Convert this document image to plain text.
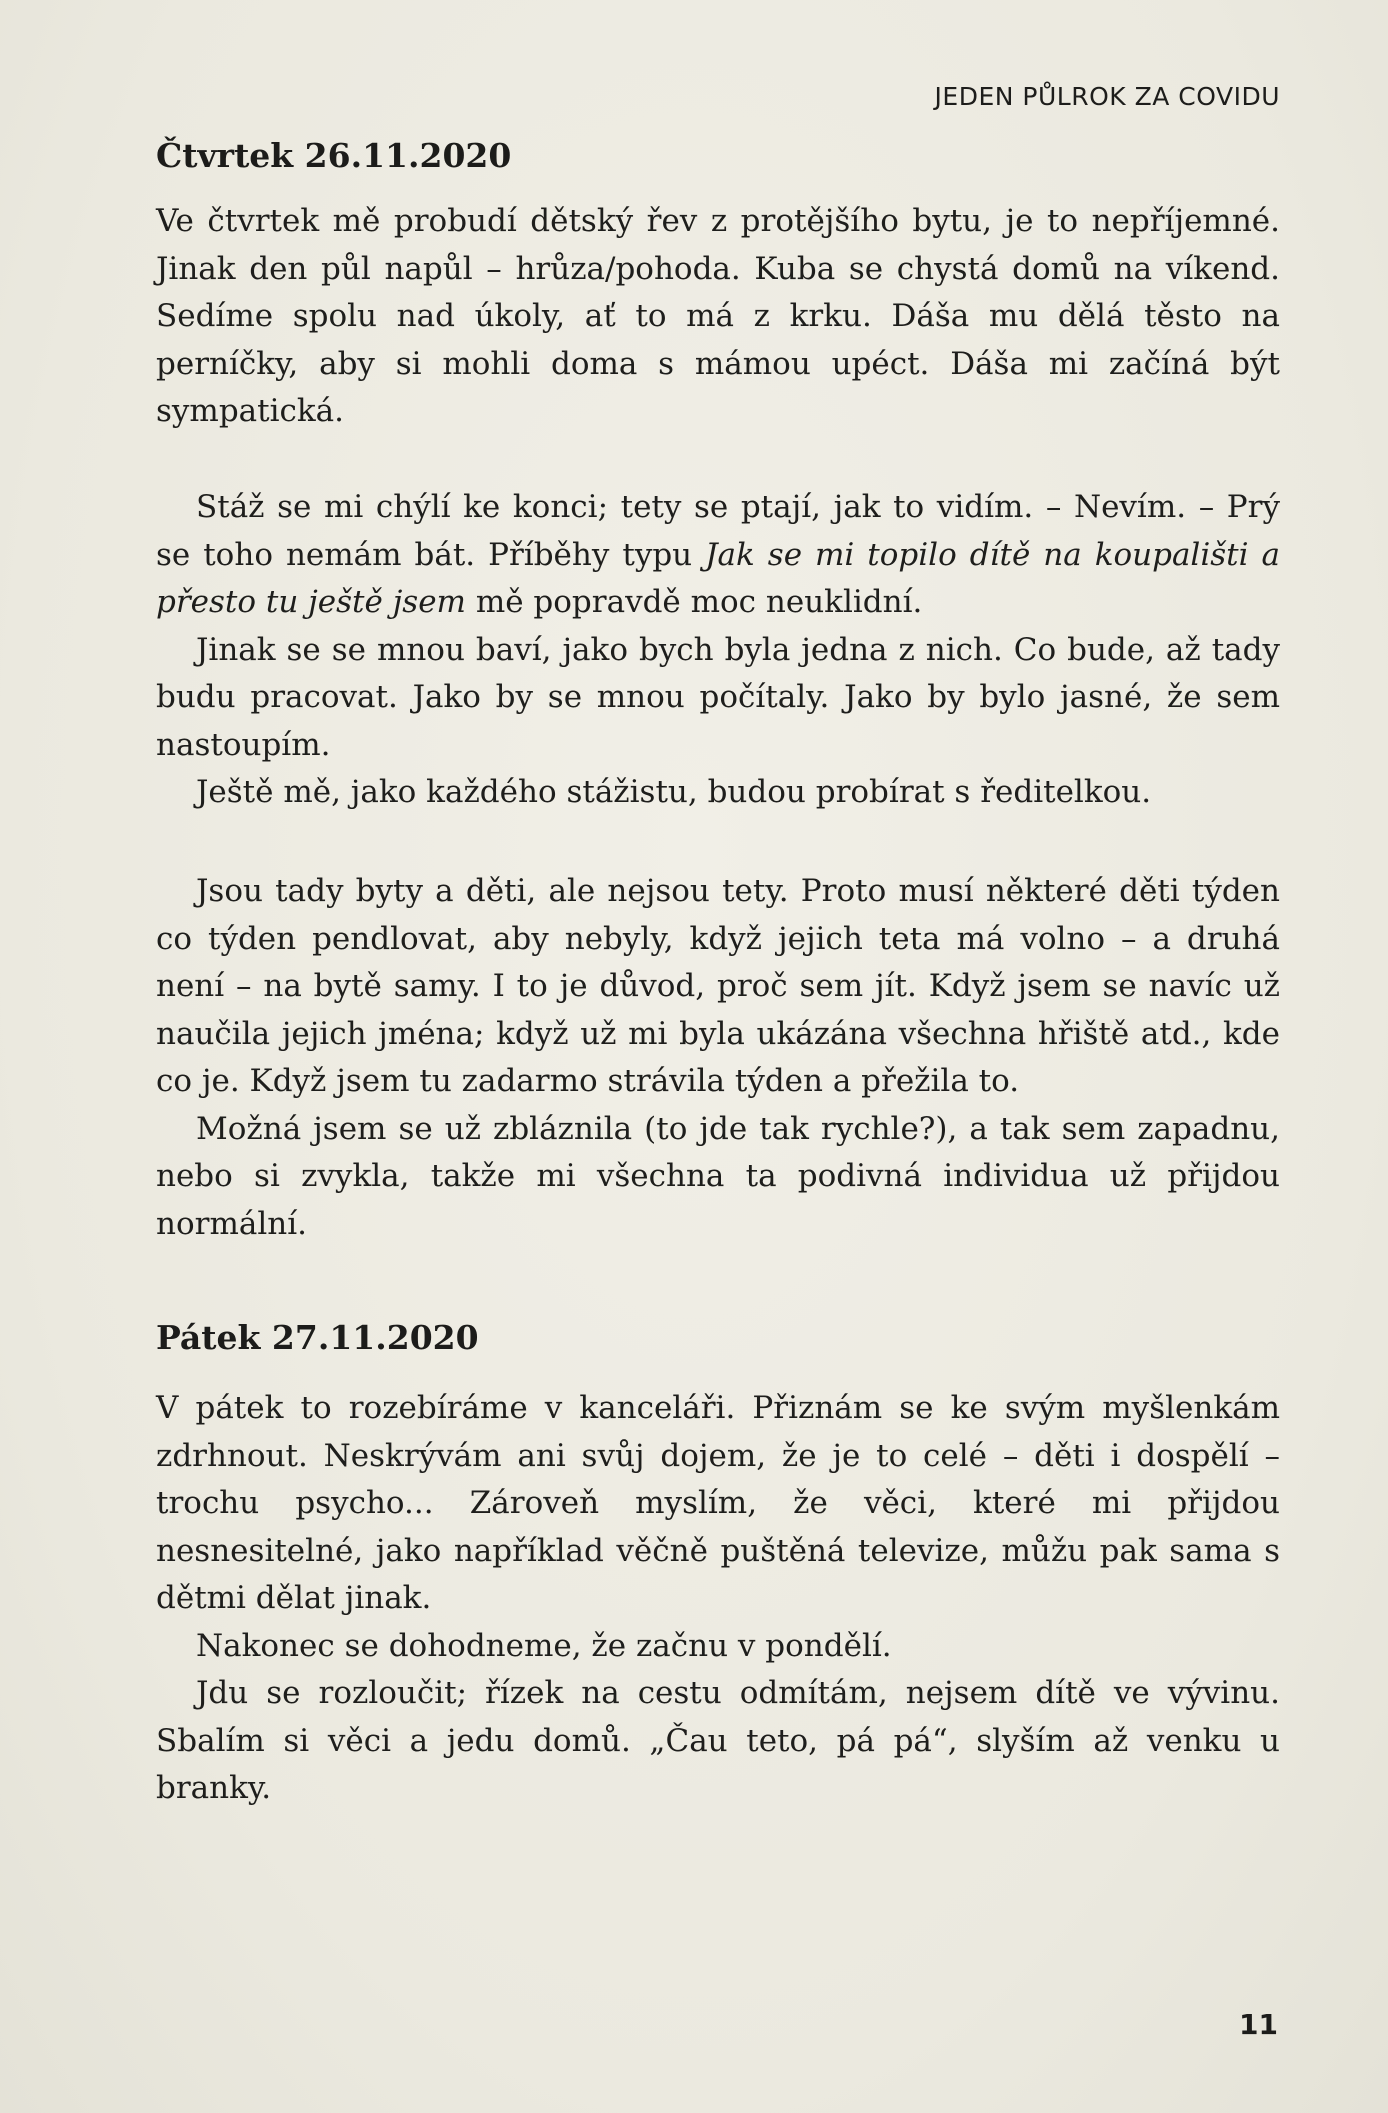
JEDEN PŮLROK ZA COVIDU
Čtvrtek 26.11.2020

Ve čtvrtek mě probudí dětský řev z protějšího bytu, je to nepříjemné. Jinak den půl napůl – hrůza/pohoda. Kuba se chystá domů na víkend. Sedíme spolu nad úkoly, ať to má z krku. Dáša mu dělá těsto na perníčky, aby si mohli doma s mámou upéct. Dáša mi začíná být sympatická.

Stáž se mi chýlí ke konci; tety se ptají, jak to vidím. – Nevím. – Prý se toho nemám bát. Příběhy typu Jak se mi topilo dítě na koupališti a přesto tu ještě jsem mě popravdě moc neuklidní.

Jinak se se mnou baví, jako bych byla jedna z nich. Co bude, až tady budu pracovat. Jako by se mnou počítaly. Jako by bylo jasné, že sem nastoupím.

Ještě mě, jako každého stážistu, budou probírat s ředitelkou.

Jsou tady byty a děti, ale nejsou tety. Proto musí některé děti týden co týden pendlovat, aby nebyly, když jejich teta má volno – a druhá není – na bytě samy. I to je důvod, proč sem jít. Když jsem se navíc už naučila jejich jména; když už mi byla ukázána všechna hřiště atd., kde co je. Když jsem tu zadarmo strávila týden a přežila to.

Možná jsem se už zbláznila (to jde tak rychle?), a tak sem zapadnu, nebo si zvykla, takže mi všechna ta podivná individua už přijdou normální.

Pátek 27.11.2020

V pátek to rozebíráme v kanceláři. Přiznám se ke svým myšlenkám zdrhnout. Neskrývám ani svůj dojem, že je to celé – děti i dospělí – trochu psycho... Zároveň myslím, že věci, které mi přijdou nesnesitelné, jako například věčně puštěná televize, můžu pak sama s dětmi dělat jinak.

Nakonec se dohodneme, že začnu v pondělí.

Jdu se rozloučit; řízek na cestu odmítám, nejsem dítě ve vývinu. Sbalím si věci a jedu domů. „Čau teto, pá pá“, slyším až venku u branky.

11
